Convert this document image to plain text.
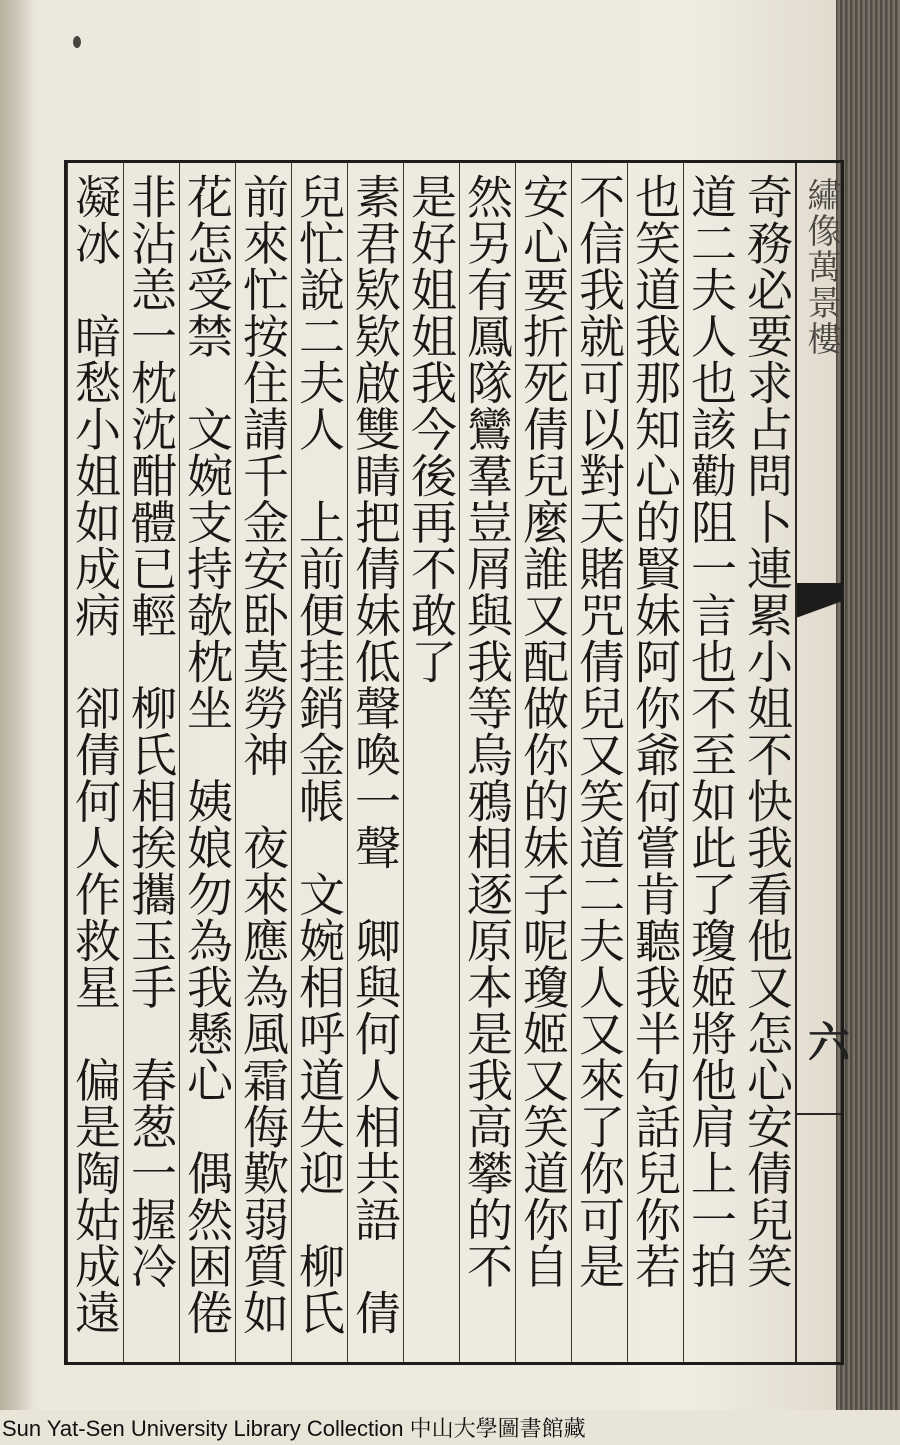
繡像萬景樓
六
奇務必要求占問卜連累小姐不快我看他又怎心安倩兒笑
道二夫人也該勸阻一言也不至如此了瓊姬將他肩上一拍
也笑道我那知心的賢妹阿你爺何嘗肯聽我半句話兒你若
不信我就可以對天賭咒倩兒又笑道二夫人又來了你可是
安心要折死倩兒麼誰又配做你的妹子呢瓊姬又笑道你自
然另有鳳隊鸞羣豈屑與我等烏鴉相逐原本是我高攀的不
是好姐姐我今後再不敢了
素君欵欵啟雙睛把倩妹低聲喚一聲　卿與何人相共語　倩
兒忙說二夫人　上前便挂銷金帳　文婉相呼道失迎　柳氏
前來忙按住請千金安卧莫勞神　夜來應為風霜侮歎弱質如
花怎受禁　文婉支持欹枕坐　姨娘勿為我懸心　偶然困倦
非沾恙一枕沈酣體已輕　柳氏相挨攜玉手　春葱一握冷
凝冰　暗愁小姐如成病　卻倩何人作救星　偏是陶姑成遠
Sun Yat-Sen University Library Collection 中山大學圖書館藏
